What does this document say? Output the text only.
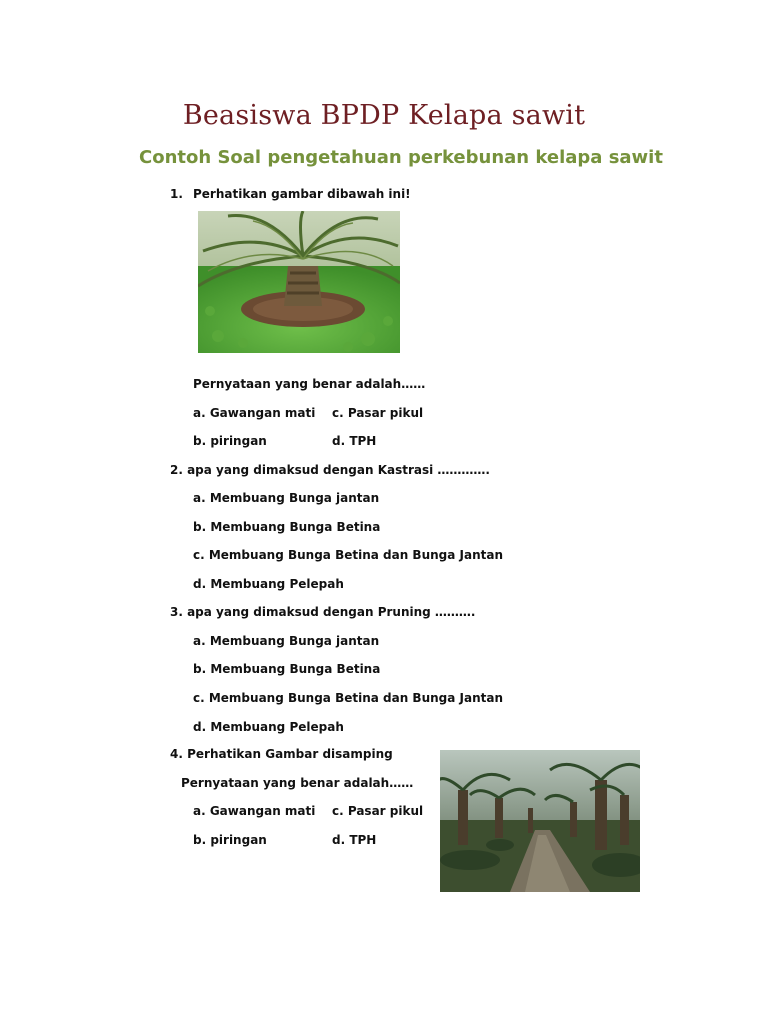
Beasiswa BPDP Kelapa sawit
Contoh Soal pengetahuan perkebunan kelapa sawit
1. Perhatikan gambar dibawah ini!
Pernyataan yang benar adalah……
a. Gawangan mati c. Pasar pikul
b. piringan	d. TPH
2. apa yang dimaksud dengan Kastrasi ………….
a. Membuang Bunga jantan
b. Membuang Bunga Betina
c. Membuang Bunga Betina dan Bunga Jantan
d. Membuang Pelepah
3. apa yang dimaksud dengan Pruning ……….
a. Membuang Bunga jantan
b. Membuang Bunga Betina
c. Membuang Bunga Betina dan Bunga Jantan
d. Membuang Pelepah
4. Perhatikan Gambar disamping
Pernyataan yang benar adalah……
a. Gawangan mati c. Pasar pikul
b. piringan	d. TPH
